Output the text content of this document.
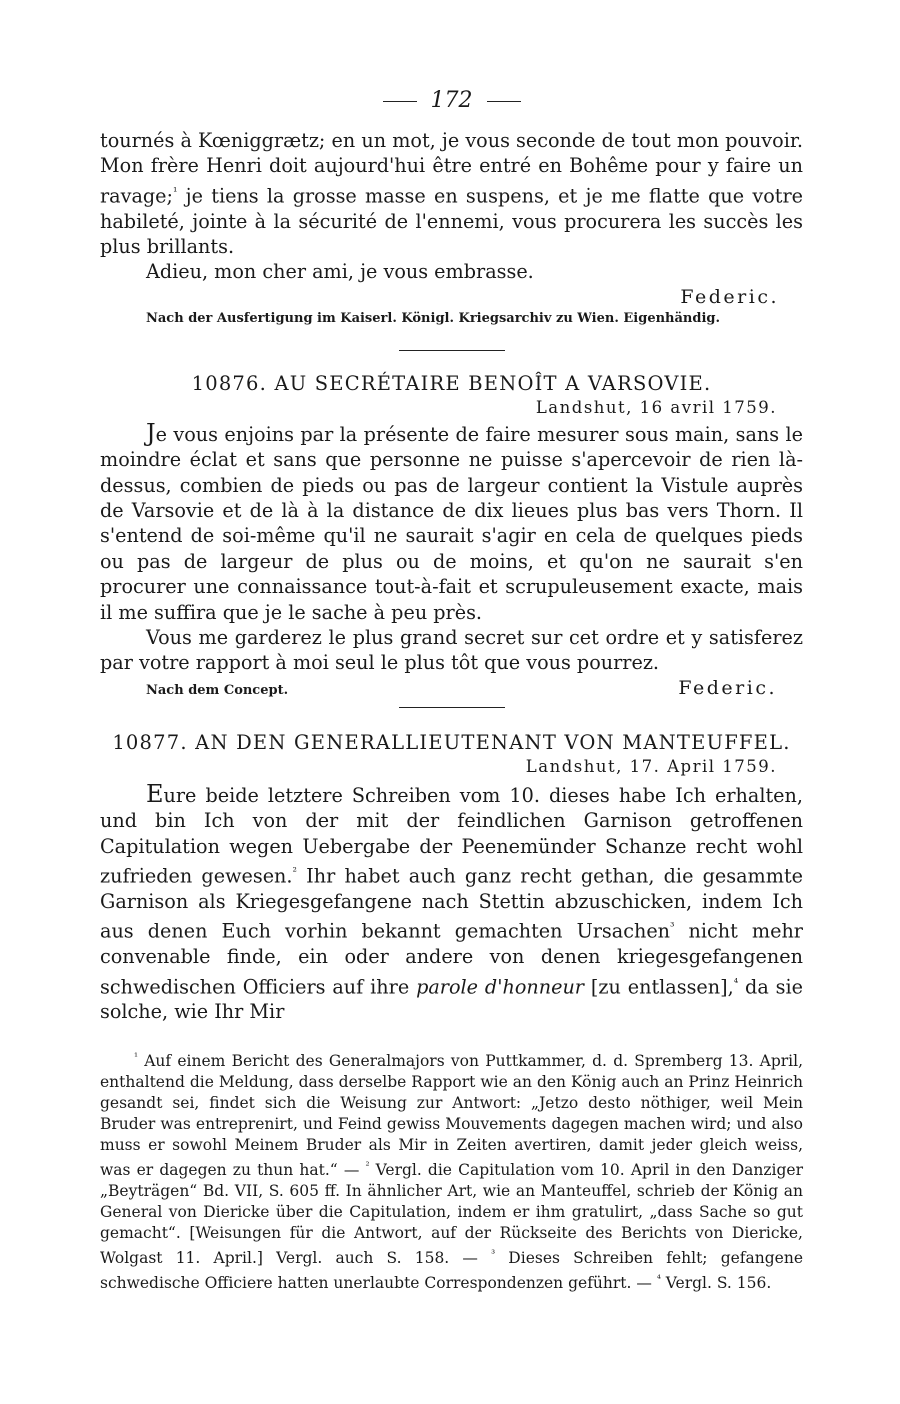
172

tournés à Kœniggrætz; en un mot, je vous seconde de tout mon pouvoir. Mon frère Henri doit aujourd'hui être entré en Bohême pour y faire un ravage;$^{^1}$ je tiens la grosse masse en suspens, et je me flatte que votre habileté, jointe à la sécurité de l'ennemi, vous procurera les succès les plus brillants.

Adieu, mon cher ami, je vous embrasse.

Federic.
Nach der Ausfertigung im Kaiserl. Königl. Kriegsarchiv zu Wien. Eigenhändig.
10876. AU SECRÉTAIRE BENOÎT A VARSOVIE.
Landshut, 16 avril 1759.

Je vous enjoins par la présente de faire mesurer sous main, sans le moindre éclat et sans que personne ne puisse s'apercevoir de rien là-dessus, combien de pieds ou pas de largeur contient la Vistule auprès de Varsovie et de là à la distance de dix lieues plus bas vers Thorn. Il s'entend de soi-même qu'il ne saurait s'agir en cela de quelques pieds ou pas de largeur de plus ou de moins, et qu'on ne saurait s'en procurer une connaissance tout-à-fait et scrupuleusement exacte, mais il me suffira que je le sache à peu près.

Vous me garderez le plus grand secret sur cet ordre et y satisferez par votre rapport à moi seul le plus tôt que vous pourrez.

Nach dem Concept.	Federic.
10877. AN DEN GENERALLIEUTENANT VON MANTEUFFEL.
Landshut, 17. April 1759.

Eure beide letztere Schreiben vom 10. dieses habe Ich erhalten, und bin Ich von der mit der feindlichen Garnison getroffenen Capitulation wegen Uebergabe der Peenemünder Schanze recht wohl zufrieden gewesen.$^{^2}$ Ihr habet auch ganz recht gethan, die gesammte Garnison als Kriegesgefangene nach Stettin abzuschicken, indem Ich aus denen Euch vorhin bekannt gemachten Ursachen$^{^3}$ nicht mehr convenable finde, ein oder andere von denen kriegesgefangenen schwedischen Officiers auf ihre parole d'honneur [zu entlassen],$^{^4}$ da sie solche, wie Ihr Mir

$^{^1}$ Auf einem Bericht des Generalmajors von Puttkammer, d. d. Spremberg 13. April, enthaltend die Meldung, dass derselbe Rapport wie an den König auch an Prinz Heinrich gesandt sei, findet sich die Weisung zur Antwort: „Jetzo desto nöthiger, weil Mein Bruder was entreprenirt, und Feind gewiss Mouvements dagegen machen wird; und also muss er sowohl Meinem Bruder als Mir in Zeiten avertiren, damit jeder gleich weiss, was er dagegen zu thun hat.“ — $^{^2}$ Vergl. die Capitulation vom 10. April in den Danziger „Beyträgen“ Bd. VII, S. 605 ff. In ähnlicher Art, wie an Manteuffel, schrieb der König an General von Diericke über die Capitulation, indem er ihm gratulirt, „dass Sache so gut gemacht“. [Weisungen für die Antwort, auf der Rückseite des Berichts von Diericke, Wolgast 11. April.] Vergl. auch S. 158. — $^{^3}$ Dieses Schreiben fehlt; gefangene schwedische Officiere hatten unerlaubte Correspondenzen geführt. — $^{^4}$ Vergl. S. 156.
